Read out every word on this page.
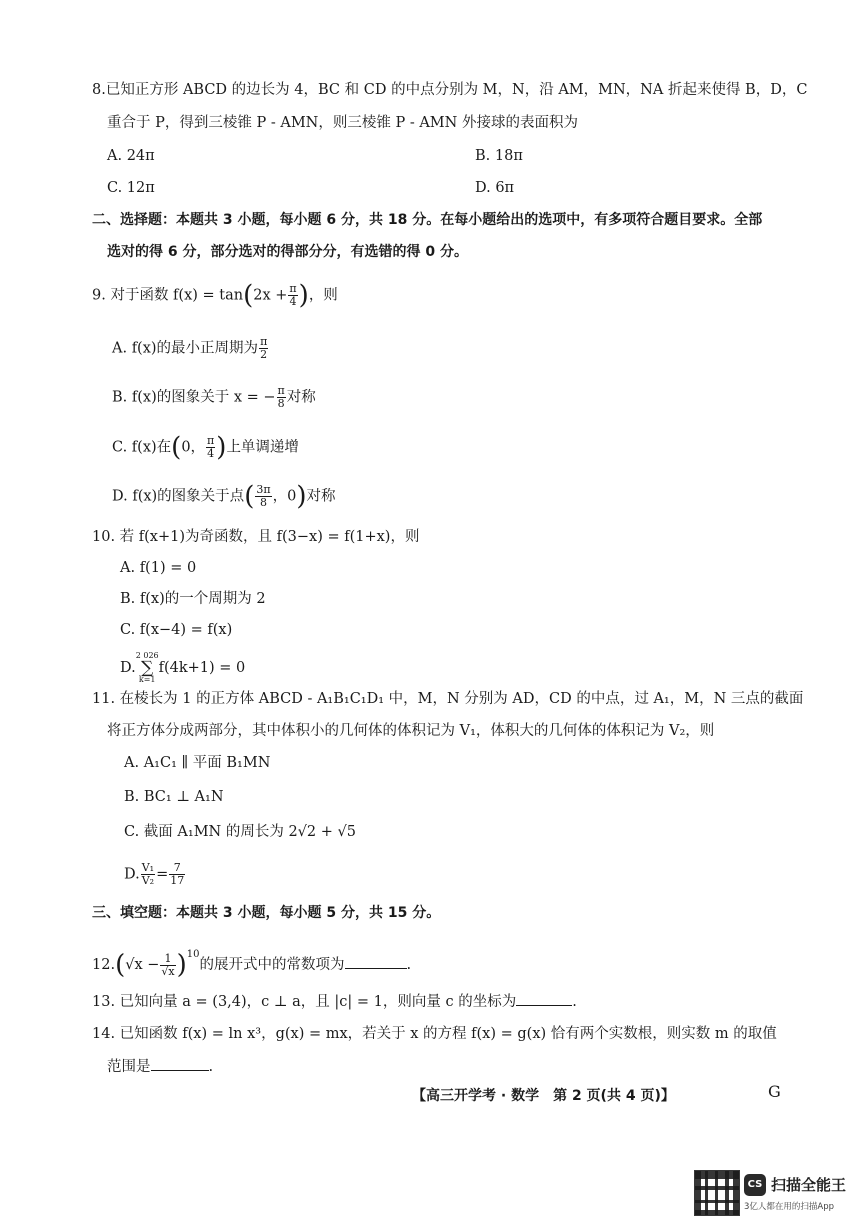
8.已知正方形 ABCD 的边长为 4，BC 和 CD 的中点分别为 M，N，沿 AM，MN，NA 折起来使得 B，D，C
重合于 P，得到三棱锥 P - AMN，则三棱锥 P - AMN 外接球的表面积为
A. 24π	B. 18π
C. 12π	D. 6π
二、选择题：本题共 3 小题，每小题 6 分，共 18 分。在每小题给出的选项中，有多项符合题目要求。全部
选对的得 6 分，部分选对的得部分分，有选错的得 0 分。
9. 对于函数 $f(x) = \tan(2x + \frac{\pi}{4}$ )，则
A. f(x)的最小正周期为 $\frac{\pi}{2}$
B. f(x)的图象关于 x = − $\frac{\pi}{8}$ 对称
C. f(x)在(0， $\frac{\pi}{4}$ )上单调递增
D. f(x)的图象关于点( $\frac{3\pi}{8}$ ，0)对称
10. 若 f(x+1)为奇函数，且 f(3−x) = f(1+x)，则
A. f(1) = 0
B. f(x)的一个周期为 2
C. f(x−4) = f(x)
D.2 026
∑
k=1f(4k+1) = 0
11. 在棱长为 1 的正方体 ABCD - A₁B₁C₁D₁ 中，M，N 分别为 AD，CD 的中点，过 A₁，M，N 三点的截面
将正方体分成两部分，其中体积小的几何体的体积记为 V₁，体积大的几何体的体积记为 V₂，则
A. A₁C₁ ∥ 平面 B₁MN
B. BC₁ ⊥ A₁N
C. 截面 A₁MN 的周长为 2√2 + √5
D. $\frac{\text{V₁}}{\text{V₂}} = \frac{7}{17}$
三、填空题：本题共 3 小题，每小题 5 分，共 15 分。
$12.(√x - \frac{1}{√x} )^{10}$的展开式中的常数项为	.
13. 已知向量 a = (3,4)，c ⊥ a，且 |c| = 1，则向量 c 的坐标为	.
14. 已知函数 f(x) = ln x³，g(x) = mx，若关于 x 的方程 f(x) = g(x) 恰有两个实数根，则实数 m 的取值
范围是	.
【高三开学考 · 数学　第 2 页(共 4 页)】	G
CS 扫描全能王
3亿人都在用的扫描App
